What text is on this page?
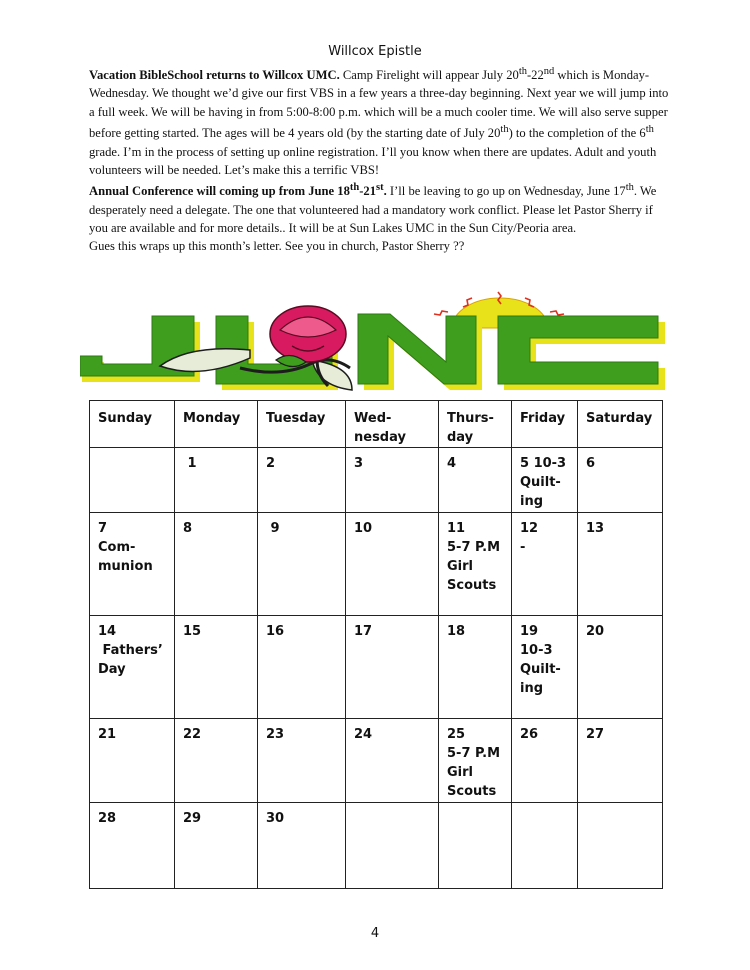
Willcox Epistle

Vacation BibleSchool returns to Willcox UMC. Camp Firelight will appear July 20th-22nd which is Monday-Wednesday. We thought we’d give our first VBS in a few years a three-day beginning. Next year we will jump into a full week. We will be having in from 5:00-8:00 p.m. which will be a much cooler time. We will also serve supper before getting started. The ages will be 4 years old (by the starting date of July 20th) to the completion of the 6th grade. I’m in the process of setting up online registration. I’ll you know when there are updates. Adult and youth volunteers will be needed. Let’s make this a terrific VBS!

Annual Conference will coming up from June 18th-21st. I’ll be leaving to go up on Wednesday, June 17th. We desperately need a delegate. The one that volunteered had a mandatory work conflict. Please let Pastor Sherry if you are available and for more details.. It will be at Sun Lakes UMC in the Sun City/Peoria area.

Gues this wraps up this month’s letter. See you in church, Pastor Sherry ??

Sunday	Monday	Tuesday	Wed-
nesday	Thurs-
day	Friday	Saturday

	1	2	3	4	5 10-3
Quilt-
ing	6

7
Com-
munion	8	9	10	11
5-7 P.M
Girl
Scouts	12
-	13

14
Fathers’
Day	15	16	17	18	19
10-3
Quilt-
ing	20

21	22	23	24	25
5-7 P.M
Girl
Scouts	26	27

28	29	30				

4
